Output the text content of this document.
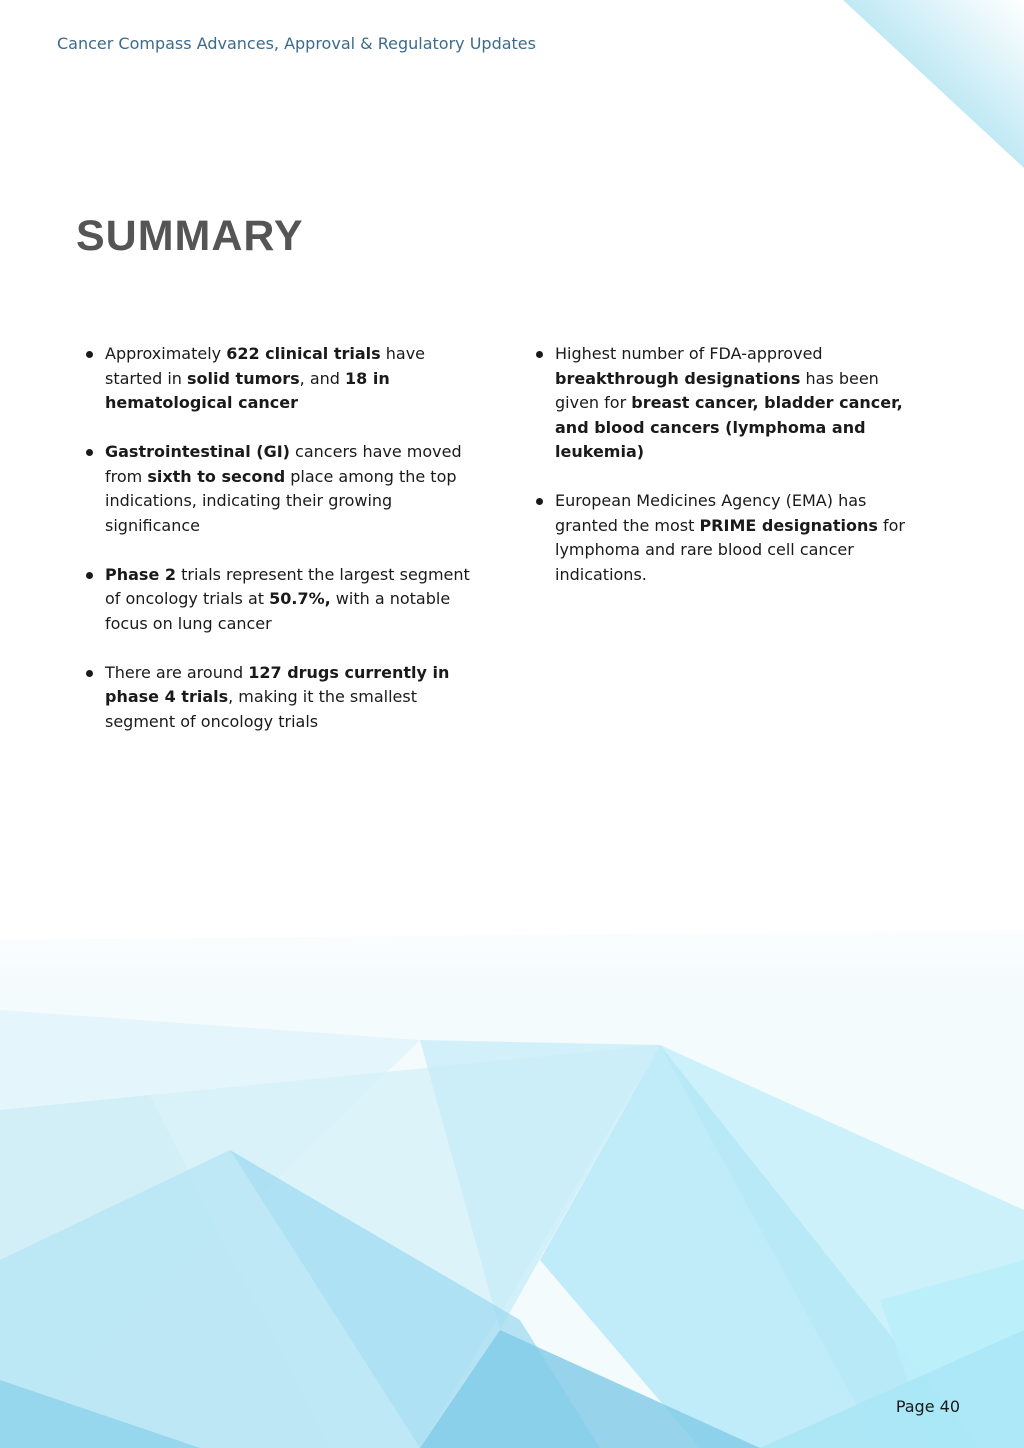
Cancer Compass Advances, Approval & Regulatory Updates
SUMMARY
Approximately 622 clinical trials have started in solid tumors, and 18 in hematological cancer
Gastrointestinal (GI) cancers have moved from sixth to second place among the top indications, indicating their growing significance
Phase 2 trials represent the largest segment of oncology trials at 50.7%, with a notable focus on lung cancer
There are around 127 drugs currently in phase 4 trials, making it the smallest segment of oncology trials
Highest number of FDA-approved breakthrough designations has been given for breast cancer, bladder cancer, and blood cancers (lymphoma and leukemia)
European Medicines Agency (EMA) has granted the most PRIME designations for lymphoma and rare blood cell cancer indications.
Page 40
